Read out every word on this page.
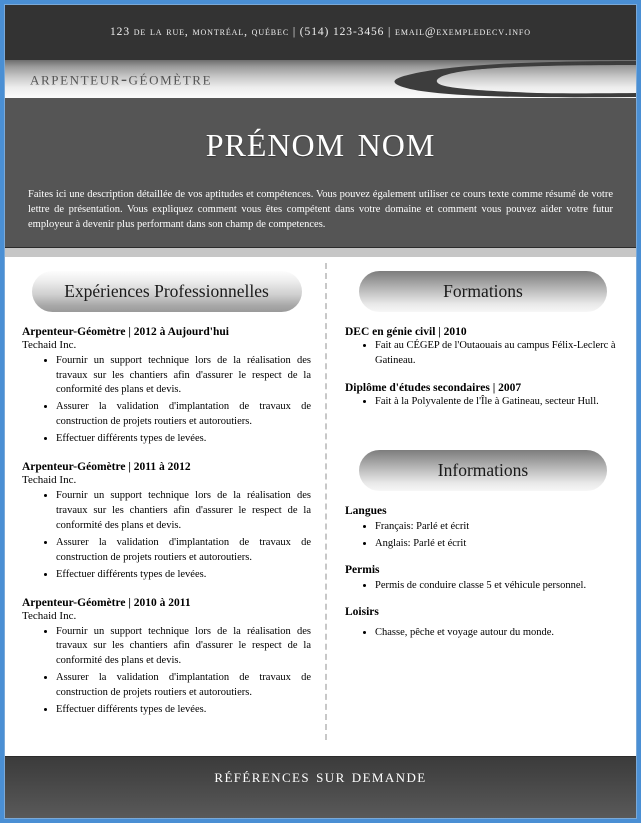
123 de la rue, montréal, québec | (514) 123-3456 | email@exempledecv.info
arpenteur-géomètre
prénom nom
Faites ici une description détaillée de vos aptitudes et compétences. Vous pouvez également utiliser ce cours texte comme résumé de votre lettre de présentation. Vous expliquez comment vous êtes compétent dans votre domaine et comment vous pouvez aider votre futur employeur à devenir plus performant dans son champ de competences.
Expériences Professionnelles
Arpenteur-Géomètre | 2012 à Aujourd'hui
Techaid Inc.
• Fournir un support technique lors de la réalisation des travaux sur les chantiers afin d'assurer le respect de la conformité des plans et devis.
• Assurer la validation d'implantation de travaux de construction de projets routiers et autoroutiers.
• Effectuer différents types de levées.
Arpenteur-Géomètre | 2011 à 2012
Techaid Inc.
• Fournir un support technique lors de la réalisation des travaux sur les chantiers afin d'assurer le respect de la conformité des plans et devis.
• Assurer la validation d'implantation de travaux de construction de projets routiers et autoroutiers.
• Effectuer différents types de levées.
Arpenteur-Géomètre | 2010 à 2011
Techaid Inc.
• Fournir un support technique lors de la réalisation des travaux sur les chantiers afin d'assurer le respect de la conformité des plans et devis.
• Assurer la validation d'implantation de travaux de construction de projets routiers et autoroutiers.
• Effectuer différents types de levées.
Formations
DEC en génie civil | 2010
• Fait au CÉGEP de l'Outaouais au campus Félix-Leclerc à Gatineau.
Diplôme d'études secondaires | 2007
• Fait à la Polyvalente de l'Île à Gatineau, secteur Hull.
Informations
Langues
• Français: Parlé et écrit
• Anglais: Parlé et écrit
Permis
• Permis de conduire classe 5 et véhicule personnel.
Loisirs
• Chasse, pêche et voyage autour du monde.
références sur demande
